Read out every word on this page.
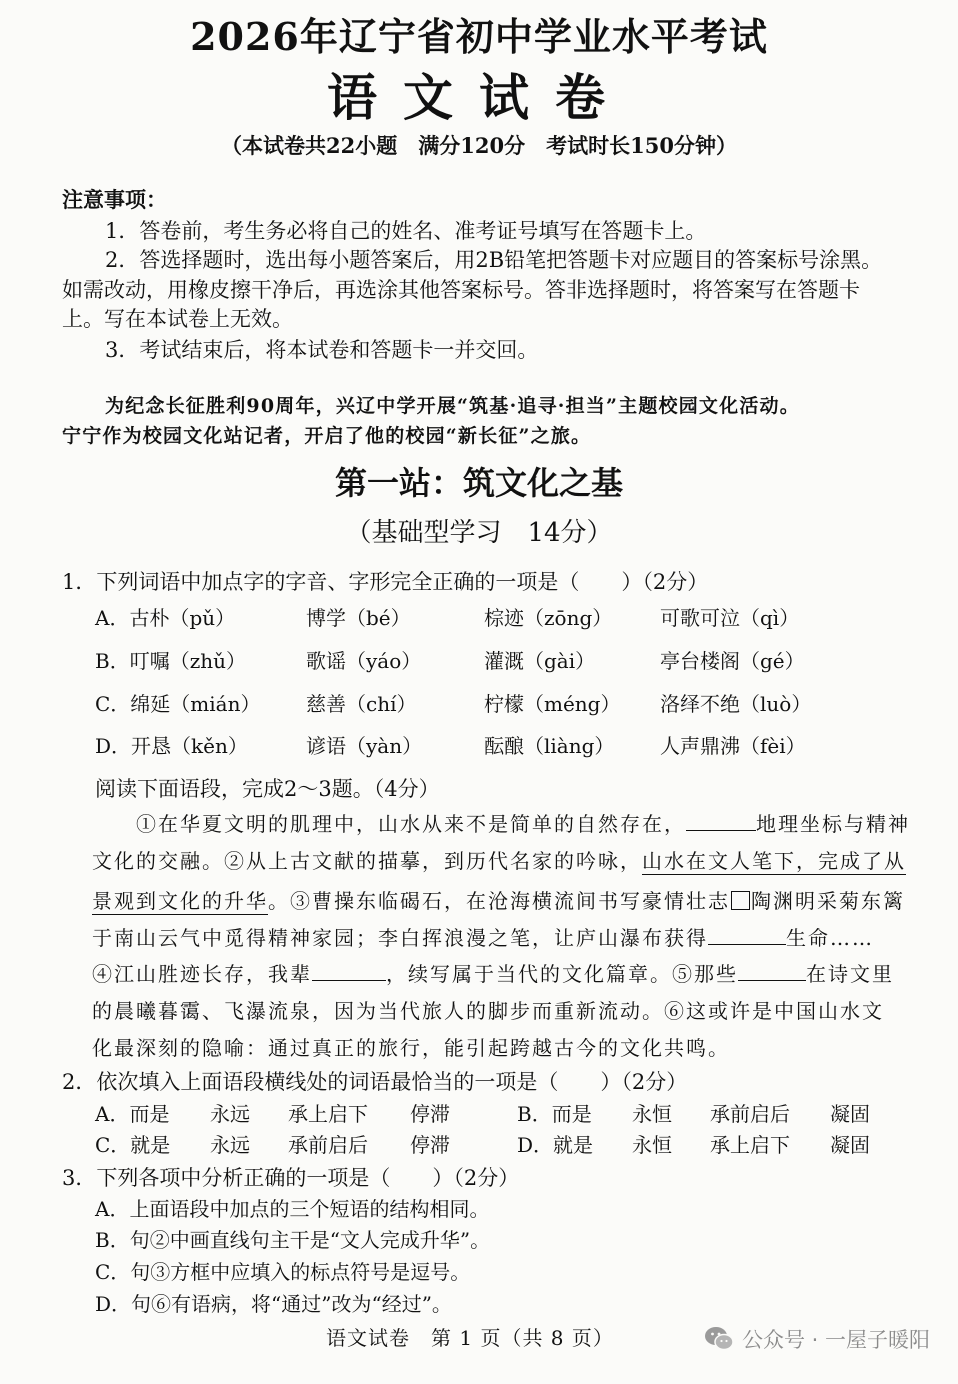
2026年辽宁省初中学业水平考试
语文试卷
（本试卷共22小题　满分120分　考试时长150分钟）
注意事项：
1．答卷前，考生务必将自己的姓名、准考证号填写在答题卡上。
2．答选择题时，选出每小题答案后，用2B铅笔把答题卡对应题目的答案标号涂黑。
如需改动，用橡皮擦干净后，再选涂其他答案标号。答非选择题时，将答案写在答题卡
上。写在本试卷上无效。
3．考试结束后，将本试卷和答题卡一并交回。
为纪念长征胜利90周年，兴辽中学开展“筑基·追寻·担当”主题校园文化活动。
宁宁作为校园文化站记者，开启了他的校园“新长征”之旅。
第一站：筑文化之基
（基础型学习　14分）
1．下列词语中加点字的字音、字形完全正确的一项是（　　）（2分）
A．古朴（pǔ）	博学（bé）	棕迹（zōng） 可歌可泣（qì）
B．叮嘱（zhǔ）	歌谣（yáo）	灌溉（gài）	亭台楼阁（gé）
C．绵延（mián） 慈善（chí）	柠檬（méng） 洛绎不绝（luò）
D．开恳（kěn）	谚语（yàn）	酝酿（liàng） 人声鼎沸（fèi）
阅读下面语段，完成2～3题。（4分）
①在华夏文明的肌理中，山水从来不是简单的自然存在，	地理坐标与精神
文化的交融。②从上古文献的描摹，到历代名家的吟咏，山水在文人笔下，完成了从
景观到文化的升华。③曹操东临碣石，在沧海横流间书写豪情壮志 陶渊明采菊东篱
于南山云气中觅得精神家园；李白挥浪漫之笔，让庐山瀑布获得	生命……
④江山胜迹长存，我辈	，续写属于当代的文化篇章。⑤那些	在诗文里
的晨曦暮霭、飞瀑流泉，因为当代旅人的脚步而重新流动。⑥这或许是中国山水文
化最深刻的隐喻：通过真正的旅行，能引起跨越古今的文化共鸣。
2．依次填入上面语段横线处的词语最恰当的一项是（　　）（2分）
A．而是 永远 承上启下 停滞	B．而是 永恒 承前启后 凝固
C．就是 永远 承前启后 停滞	D．就是 永恒 承上启下 凝固
3．下列各项中分析正确的一项是（　　）（2分）
A．上面语段中加点的三个短语的结构相同。
B．句②中画直线句主干是“文人完成升华”。
C．句③方框中应填入的标点符号是逗号。
D．句⑥有语病，将“通过”改为“经过”。
语文试卷　第 1 页（共 8 页）	公众号 · 一屋子暖阳
